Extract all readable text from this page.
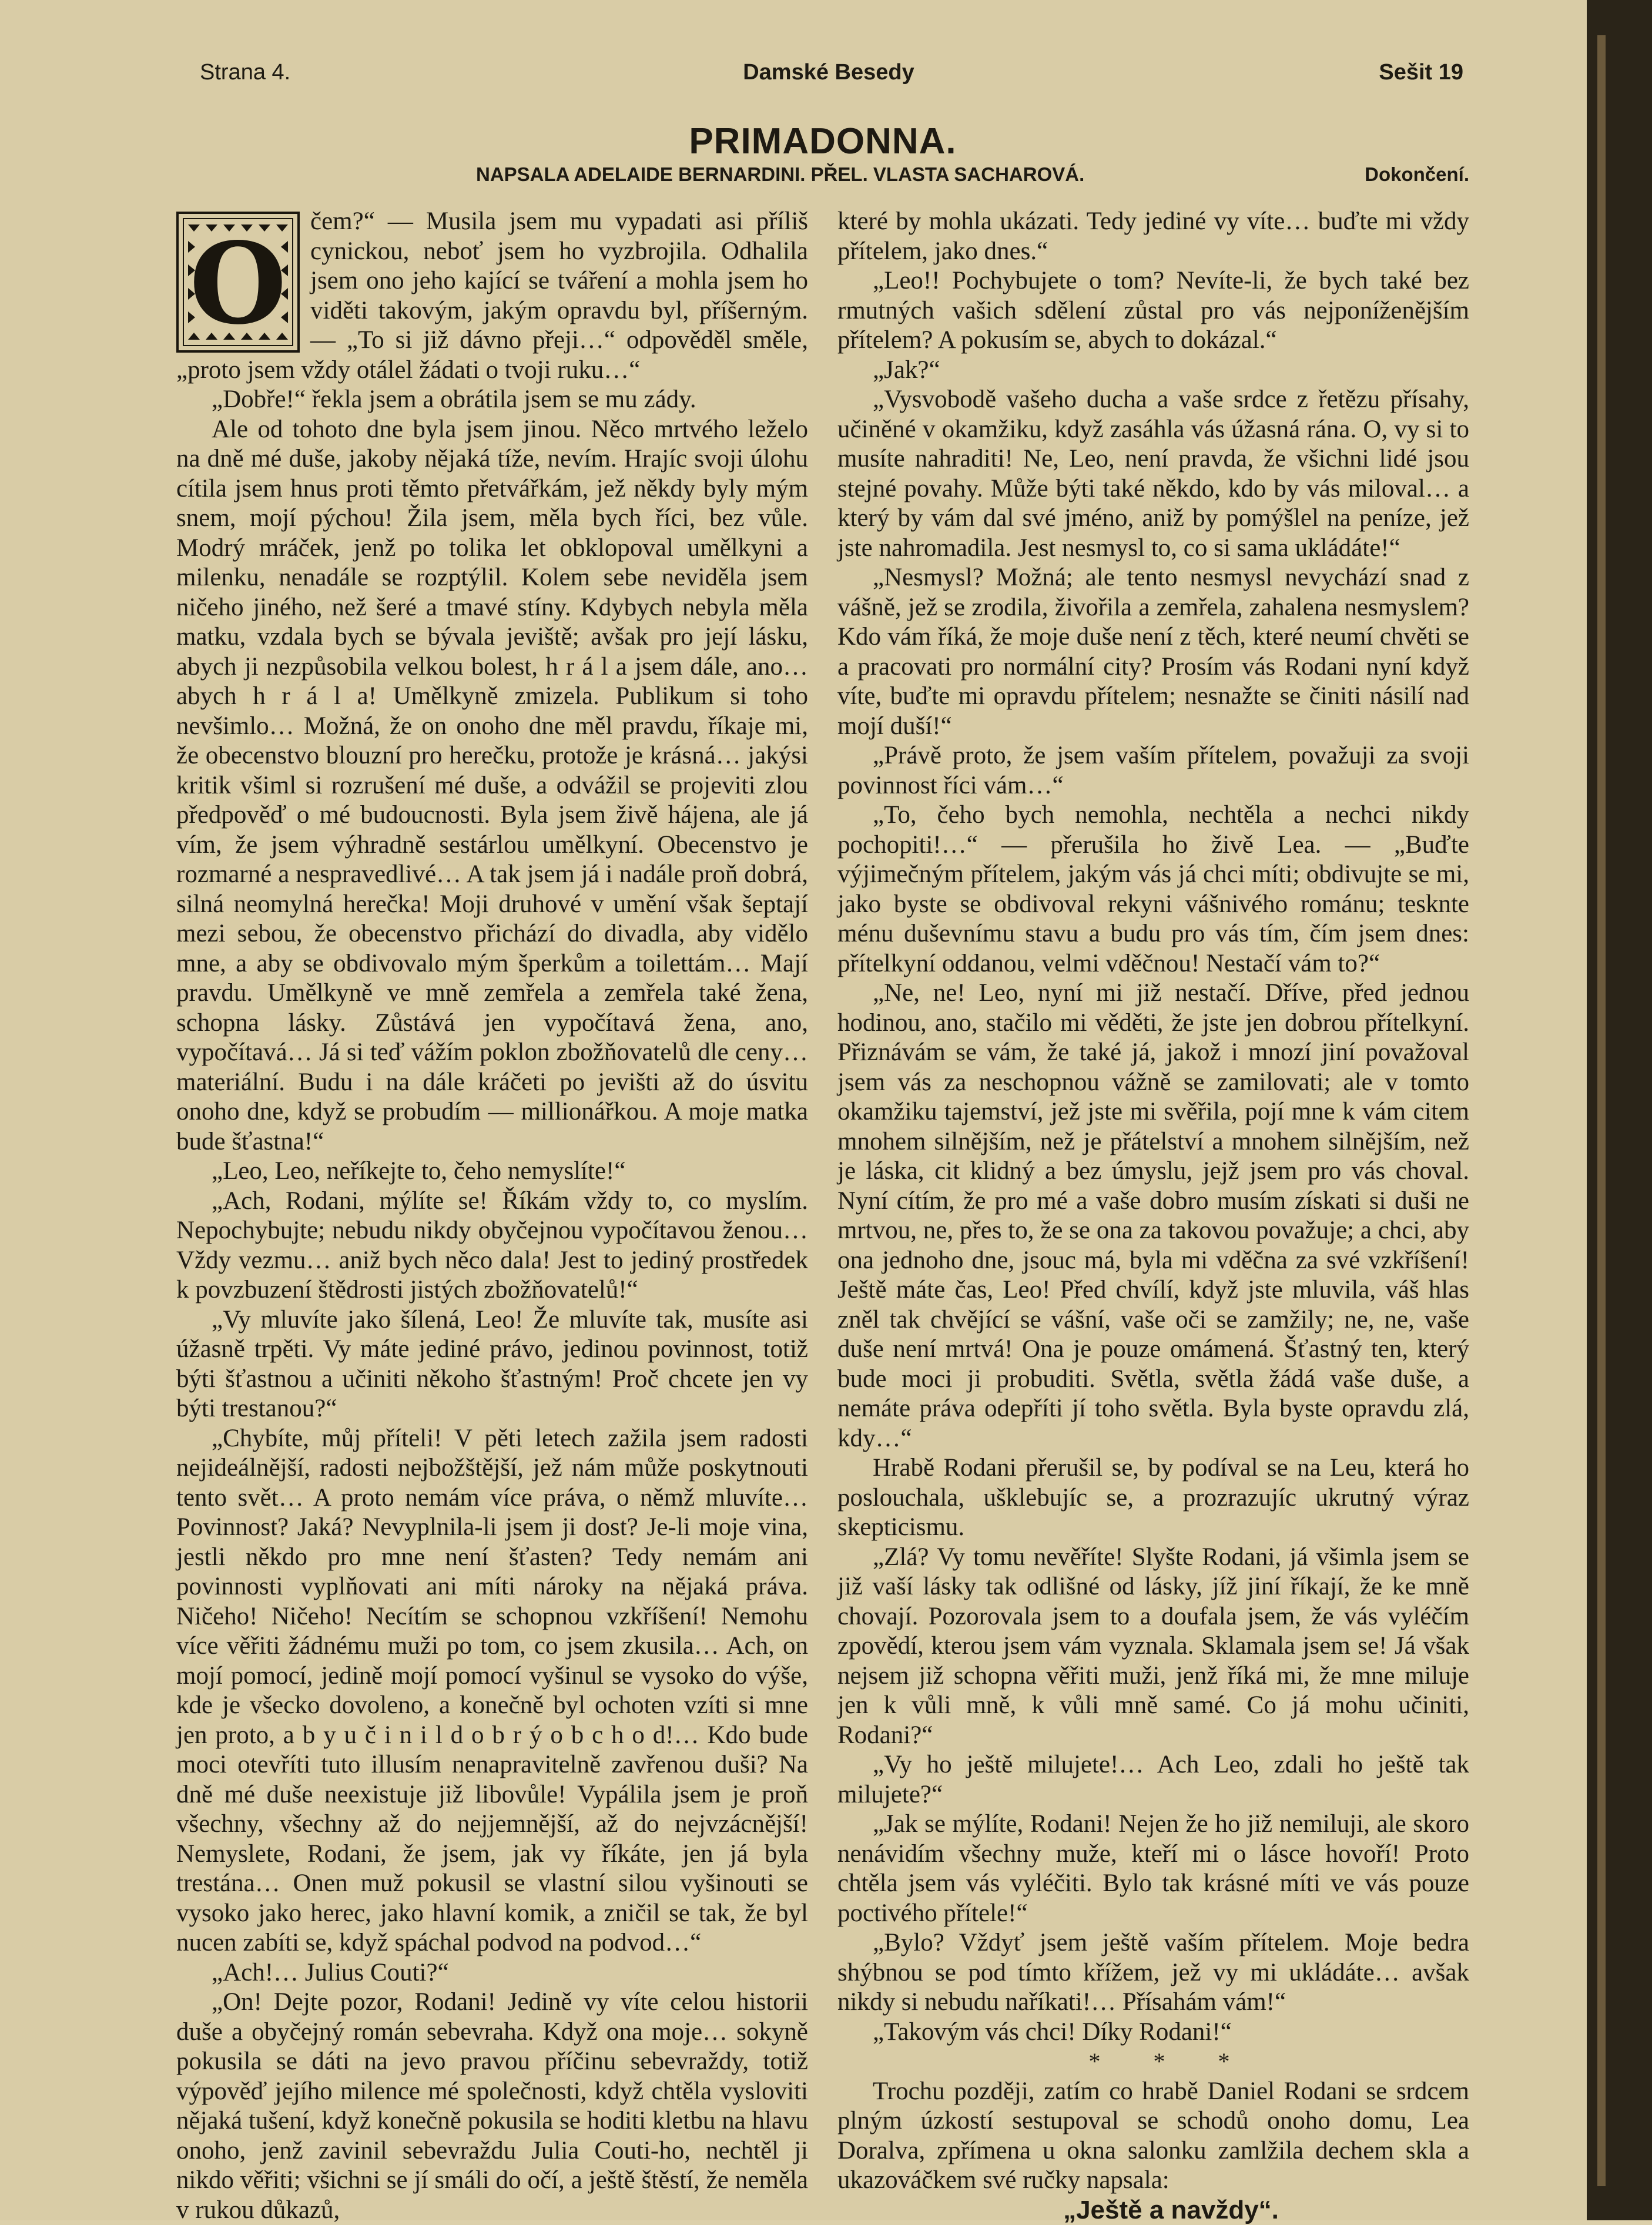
Strana 4.	Damské Besedy	Sešit 19
PRIMADONNA.
NAPSALA ADELAIDE BERNARDINI. PŘEL. VLASTA SACHAROVÁ.	Dokončení.
O čem?“ — Musila jsem mu vypadati asi příliš cynickou, neboť jsem ho vyzbrojila. Odhalila jsem ono jeho kající se tváření a mohla jsem ho viděti takovým, jakým opravdu byl, příšerným. — „To si již dávno přeji…“ odpověděl směle, „proto jsem vždy otálel žádati o tvoji ruku…“

„Dobře!“ řekla jsem a obrátila jsem se mu zády.

Ale od tohoto dne byla jsem jinou. Něco mrtvého leželo na dně mé duše, jakoby nějaká tíže, nevím. Hrajíc svoji úlohu cítila jsem hnus proti těmto přetvářkám, jež někdy byly mým snem, mojí pýchou! Žila jsem, měla bych říci, bez vůle. Modrý mráček, jenž po tolika let obklopoval umělkyni a milenku, nenadále se rozptýlil. Kolem sebe neviděla jsem ničeho jiného, než šeré a tmavé stíny. Kdybych nebyla měla matku, vzdala bych se bývala jeviště; avšak pro její lásku, abych ji nezpůsobila velkou bolest, h r á l a jsem dále, ano… abych h r á l a! Umělkyně zmizela. Publikum si toho nevšimlo… Možná, že on onoho dne měl pravdu, říkaje mi, že obecenstvo blouzní pro herečku, protože je krásná… jakýsi kritik všiml si rozrušení mé duše, a odvážil se projeviti zlou předpověď o mé budoucnosti. Byla jsem živě hájena, ale já vím, že jsem výhradně sestárlou umělkyní. Obecenstvo je rozmarné a nespravedlivé… A tak jsem já i nadále proň dobrá, silná neomylná herečka! Moji druhové v umění však šeptají mezi sebou, že obecenstvo přichází do divadla, aby vidělo mne, a aby se obdivovalo mým šperkům a toilettám… Mají pravdu. Umělkyně ve mně zemřela a zemřela také žena, schopna lásky. Zůstává jen vypočítavá žena, ano, vypočítavá… Já si teď vážím poklon zbožňovatelů dle ceny… materiální. Budu i na dále kráčeti po jevišti až do úsvitu onoho dne, když se probudím — millionářkou. A moje matka bude šťastna!“

„Leo, Leo, neříkejte to, čeho nemyslíte!“

„Ach, Rodani, mýlíte se! Říkám vždy to, co myslím. Nepochybujte; nebudu nikdy obyčejnou vypočítavou ženou… Vždy vezmu… aniž bych něco dala! Jest to jediný prostředek k povzbuzení štědrosti jistých zbožňovatelů!“

„Vy mluvíte jako šílená, Leo! Že mluvíte tak, musíte asi úžasně trpěti. Vy máte jediné právo, jedinou povinnost, totiž býti šťastnou a učiniti někoho šťastným! Proč chcete jen vy býti trestanou?“

„Chybíte, můj příteli! V pěti letech zažila jsem radosti nejideálnější, radosti nejbožštější, jež nám může poskytnouti tento svět… A proto nemám více práva, o němž mluvíte… Povinnost? Jaká? Nevyplnila-li jsem ji dost? Je-li moje vina, jestli někdo pro mne není šťasten? Tedy nemám ani povinnosti vyplňovati ani míti nároky na nějaká práva. Ničeho! Ničeho! Necítím se schopnou vzkříšení! Nemohu více věřiti žádnému muži po tom, co jsem zkusila… Ach, on mojí pomocí, jedině mojí pomocí vyšinul se vysoko do výše, kde je všecko dovoleno, a konečně byl ochoten vzíti si mne jen proto, a b y u č i n i l d o b r ý o b c h o d!… Kdo bude moci otevříti tuto illusím nenapravitelně zavřenou duši? Na dně mé duše neexistuje již libovůle! Vypálila jsem je proň všechny, všechny až do nejjemnější, až do nejvzácnější! Nemyslete, Rodani, že jsem, jak vy říkáte, jen já byla trestána… Onen muž pokusil se vlastní silou vyšinouti se vysoko jako herec, jako hlavní komik, a zničil se tak, že byl nucen zabíti se, když spáchal podvod na podvod…“

„Ach!… Julius Couti?“

„On! Dejte pozor, Rodani! Jedině vy víte celou historii duše a obyčejný román sebevraha. Když ona moje… sokyně pokusila se dáti na jevo pravou příčinu sebevraždy, totiž výpověď jejího milence mé společnosti, když chtěla vysloviti nějaká tušení, když konečně pokusila se hoditi kletbu na hlavu onoho, jenž zavinil sebevraždu Julia Couti-ho, nechtěl ji nikdo věřiti; všichni se jí smáli do očí, a ještě štěstí, že neměla v rukou důkazů,

které by mohla ukázati. Tedy jediné vy víte… buďte mi vždy přítelem, jako dnes.“

„Leo!! Pochybujete o tom? Nevíte-li, že bych také bez rmutných vašich sdělení zůstal pro vás nejponíženějším přítelem? A pokusím se, abych to dokázal.“

„Jak?“

„Vysvobodě vašeho ducha a vaše srdce z řetězu přísahy, učiněné v okamžiku, když zasáhla vás úžasná rána. O, vy si to musíte nahraditi! Ne, Leo, není pravda, že všichni lidé jsou stejné povahy. Může býti také někdo, kdo by vás miloval… a který by vám dal své jméno, aniž by pomýšlel na peníze, jež jste nahromadila. Jest nesmysl to, co si sama ukládáte!“

„Nesmysl? Možná; ale tento nesmysl nevychází snad z vášně, jež se zrodila, živořila a zemřela, zahalena nesmyslem? Kdo vám říká, že moje duše není z těch, které neumí chvěti se a pracovati pro normální city? Prosím vás Rodani nyní když víte, buďte mi opravdu přítelem; nesnažte se činiti násilí nad mojí duší!“

„Právě proto, že jsem vaším přítelem, považuji za svoji povinnost říci vám…“

„To, čeho bych nemohla, nechtěla a nechci nikdy pochopiti!…“ — přerušila ho živě Lea. — „Buďte výjimečným přítelem, jakým vás já chci míti; obdivujte se mi, jako byste se obdivoval rekyni vášnivého románu; tesknte ménu duševnímu stavu a budu pro vás tím, čím jsem dnes: přítelkyní oddanou, velmi vděčnou! Nestačí vám to?“

„Ne, ne! Leo, nyní mi již nestačí. Dříve, před jednou hodinou, ano, stačilo mi věděti, že jste jen dobrou přítelkyní. Přiznávám se vám, že také já, jakož i mnozí jiní považoval jsem vás za neschopnou vážně se zamilovati; ale v tomto okamžiku tajemství, jež jste mi svěřila, pojí mne k vám citem mnohem silnějším, než je přátelství a mnohem silnějším, než je láska, cit klidný a bez úmyslu, jejž jsem pro vás choval. Nyní cítím, že pro mé a vaše dobro musím získati si duši ne mrtvou, ne, přes to, že se ona za takovou považuje; a chci, aby ona jednoho dne, jsouc má, byla mi vděčna za své vzkříšení! Ještě máte čas, Leo! Před chvílí, když jste mluvila, váš hlas zněl tak chvějící se vášní, vaše oči se zamžily; ne, ne, vaše duše není mrtvá! Ona je pouze omámená. Šťastný ten, který bude moci ji probuditi. Světla, světla žádá vaše duše, a nemáte práva odepříti jí toho světla. Byla byste opravdu zlá, kdy…“

Hrabě Rodani přerušil se, by podíval se na Leu, která ho poslouchala, ušklebujíc se, a prozrazujíc ukrutný výraz skepticismu.

„Zlá? Vy tomu nevěříte! Slyšte Rodani, já všimla jsem se již vaší lásky tak odlišné od lásky, jíž jiní říkají, že ke mně chovají. Pozorovala jsem to a doufala jsem, že vás vyléčím zpovědí, kterou jsem vám vyznala. Sklamala jsem se! Já však nejsem již schopna věřiti muži, jenž říká mi, že mne miluje jen k vůli mně, k vůli mně samé. Co já mohu učiniti, Rodani?“

„Vy ho ještě milujete!… Ach Leo, zdali ho ještě tak milujete?“

„Jak se mýlíte, Rodani! Nejen že ho již nemiluji, ale skoro nenávidím všechny muže, kteří mi o lásce hovoří! Proto chtěla jsem vás vyléčiti. Bylo tak krásné míti ve vás pouze poctivého přítele!“

„Bylo? Vždyť jsem ještě vaším přítelem. Moje bedra shýbnou se pod tímto křížem, jež vy mi ukládáte… avšak nikdy si nebudu naříkati!… Přísahám vám!“

„Takovým vás chci! Díky Rodani!“

* * *

Trochu později, zatím co hrabě Daniel Rodani se srdcem plným úzkostí sestupoval se schodů onoho domu, Lea Doralva, zpřímena u okna salonku zamlžila dechem skla a ukazováčkem své ručky napsala:

„Ještě a navždy“.
